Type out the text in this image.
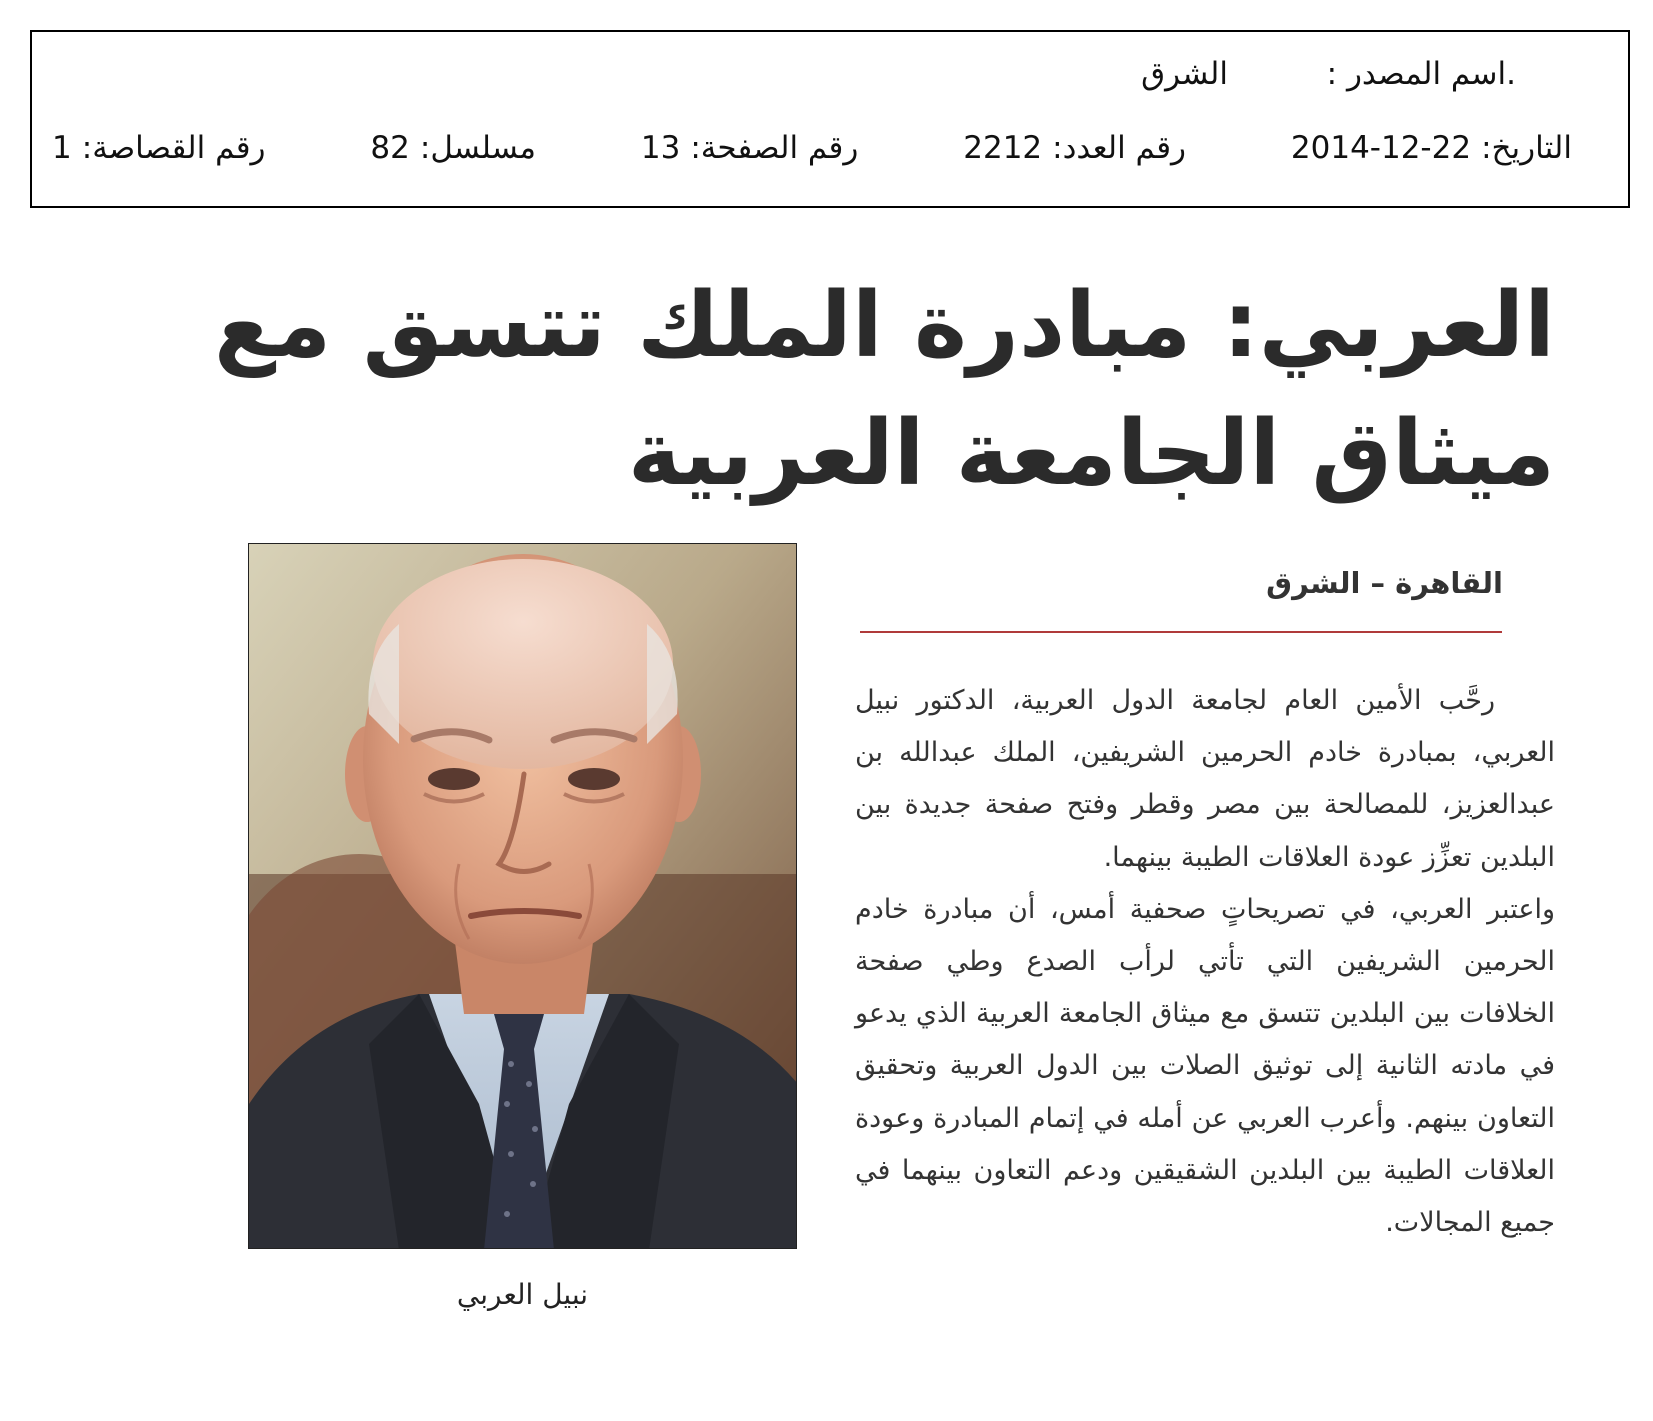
.اسم المصدر :
الشرق
التاريخ:2014-12-22
رقم العدد:2212
رقم الصفحة:13
مسلسل:82
رقم القصاصة:1
العربي: مبادرة الملك تتسق مع
ميثاق الجامعة العربية
القاهرة – الشرق

رحَّب الأمين العام لجامعة الدول العربية، الدكتور نبيل العربي، بمبادرة خادم الحرمين الشريفين، الملك عبدالله بن عبدالعزيز، للمصالحة بين مصر وقطر وفتح صفحة جديدة بين البلدين تعزِّز عودة العلاقات الطيبة بينهما.

واعتبر العربي، في تصريحاتٍ صحفية أمس، أن مبادرة خادم الحرمين الشريفين التي تأتي لرأب الصدع وطي صفحة الخلافات بين البلدين تتسق مع ميثاق الجامعة العربية الذي يدعو في مادته الثانية إلى توثيق الصلات بين الدول العربية وتحقيق التعاون بينهم. وأعرب العربي عن أمله في إتمام المبادرة وعودة العلاقات الطيبة بين البلدين الشقيقين ودعم التعاون بينهما في جميع المجالات.

نبيل العربي
